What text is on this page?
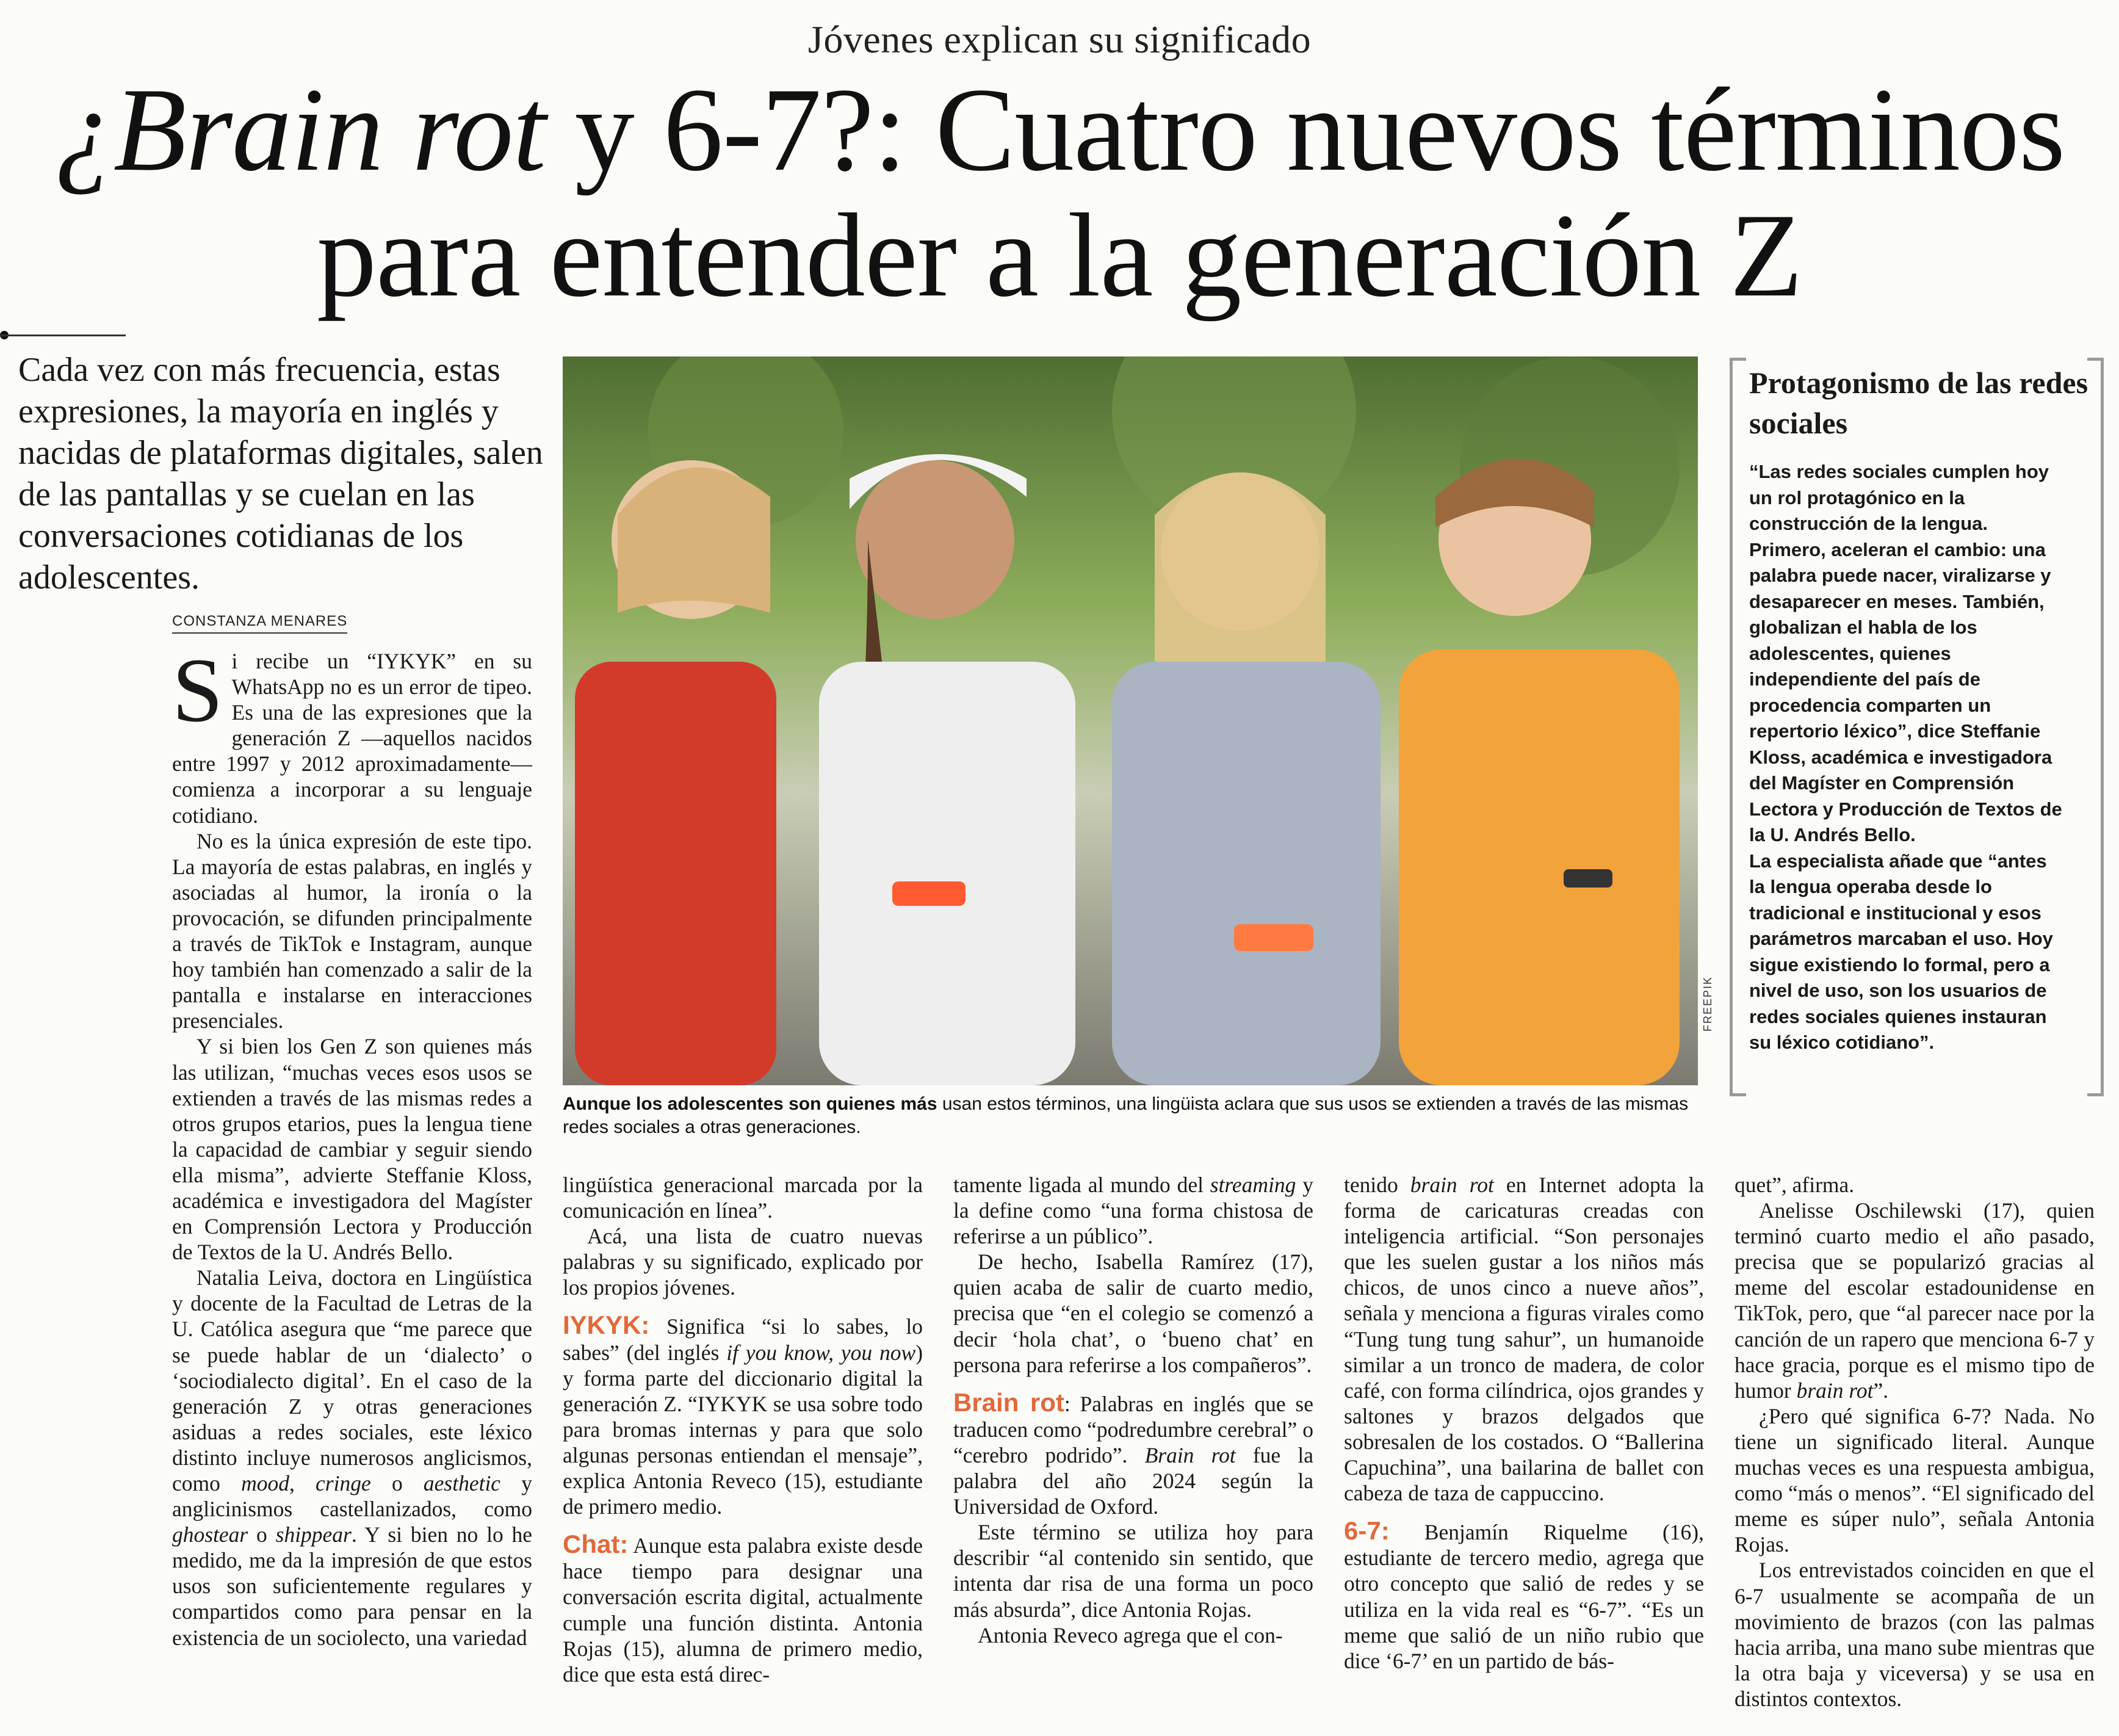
Jóvenes explican su significado
¿Brain rot y 6-7?: Cuatro nuevos términos
para entender a la generación Z

Cada vez con más frecuencia, estas expresiones, la mayoría en inglés y nacidas de plataformas digitales, salen de las pantallas y se cuelan en las conversaciones cotidianas de los adolescentes.

CONSTANZA MENARES

Si recibe un “IYKYK” en su WhatsApp no es un error de tipeo. Es una de las expresiones que la generación Z —aquellos nacidos entre 1997 y 2012 aproximadamente— comienza a incorporar a su lenguaje cotidiano.

No es la única expresión de este tipo. La mayoría de estas palabras, en inglés y asociadas al humor, la ironía o la provocación, se difunden principalmente a través de TikTok e Instagram, aunque hoy también han comenzado a salir de la pantalla e instalarse en interacciones presenciales.

Y si bien los Gen Z son quienes más las utilizan, “muchas veces esos usos se extienden a través de las mismas redes a otros grupos etarios, pues la lengua tiene la capacidad de cambiar y seguir siendo ella misma”, advierte Steffanie Kloss, académica e investigadora del Magíster en Comprensión Lectora y Producción de Textos de la U. Andrés Bello.

Natalia Leiva, doctora en Lingüística y docente de la Facultad de Letras de la U. Católica asegura que “me parece que se puede hablar de un ‘dialecto’ o ‘sociodialecto digital’. En el caso de la generación Z y otras generaciones asiduas a redes sociales, este léxico distinto incluye numerosos anglicismos, como mood, cringe o aesthetic y anglicinismos castellanizados, como ghostear o shippear. Y si bien no lo he medido, me da la impresión de que estos usos son suficientemente regulares y compartidos como para pensar en la existencia de un sociolecto, una variedad

FREEPIK
Aunque los adolescentes son quienes más usan estos términos, una lingüista aclara que sus usos se extienden a través de las mismas redes sociales a otras generaciones.
Protagonismo de las redes sociales

“Las redes sociales cumplen hoy un rol protagónico en la construcción de la lengua. Primero, aceleran el cambio: una palabra puede nacer, viralizarse y desaparecer en meses. También, globalizan el habla de los adolescentes, quienes independiente del país de procedencia comparten un repertorio léxico”, dice Steffanie Kloss, académica e investigadora del Magíster en Comprensión Lectora y Producción de Textos de la U. Andrés Bello.

La especialista añade que “antes la lengua operaba desde lo tradicional e institucional y esos parámetros marcaban el uso. Hoy sigue existiendo lo formal, pero a nivel de uso, son los usuarios de redes sociales quienes instauran su léxico cotidiano”.

lingüística generacional marcada por la comunicación en línea”.

Acá, una lista de cuatro nuevas palabras y su significado, explicado por los propios jóvenes.

IYKYK: Significa “si lo sabes, lo sabes” (del inglés if you know, you now) y forma parte del diccionario digital la generación Z. “IYKYK se usa sobre todo para bromas internas y para que solo algunas personas entiendan el mensaje”, explica Antonia Reveco (15), estudiante de primero medio.

Chat: Aunque esta palabra existe desde hace tiempo para designar una conversación escrita digital, actualmente cumple una función distinta. Antonia Rojas (15), alumna de primero medio, dice que esta está direc-

tamente ligada al mundo del streaming y la define como “una forma chistosa de referirse a un público”.

De hecho, Isabella Ramírez (17), quien acaba de salir de cuarto medio, precisa que “en el colegio se comenzó a decir ‘hola chat’, o ‘bueno chat’ en persona para referirse a los compañeros”.

Brain rot: Palabras en inglés que se traducen como “podredumbre cerebral” o “cerebro podrido”. Brain rot fue la palabra del año 2024 según la Universidad de Oxford.

Este término se utiliza hoy para describir “al contenido sin sentido, que intenta dar risa de una forma un poco más absurda”, dice Antonia Rojas.

Antonia Reveco agrega que el con-

tenido brain rot en Internet adopta la forma de caricaturas creadas con inteligencia artificial. “Son personajes que les suelen gustar a los niños más chicos, de unos cinco a nueve años”, señala y menciona a figuras virales como “Tung tung tung sahur”, un humanoide similar a un tronco de madera, de color café, con forma cilíndrica, ojos grandes y saltones y brazos delgados que sobresalen de los costados. O “Ballerina Capuchina”, una bailarina de ballet con cabeza de taza de cappuccino.

6-7: Benjamín Riquelme (16), estudiante de tercero medio, agrega que otro concepto que salió de redes y se utiliza en la vida real es “6-7”. “Es un meme que salió de un niño rubio que dice ‘6-7’ en un partido de bás-

quet”, afirma.

Anelisse Oschilewski (17), quien terminó cuarto medio el año pasado, precisa que se popularizó gracias al meme del escolar estadounidense en TikTok, pero, que “al parecer nace por la canción de un rapero que menciona 6-7 y hace gracia, porque es el mismo tipo de humor brain rot”.

¿Pero qué significa 6-7? Nada. No tiene un significado literal. Aunque muchas veces es una respuesta ambigua, como “más o menos”. “El significado del meme es súper nulo”, señala Antonia Rojas.

Los entrevistados coinciden en que el 6-7 usualmente se acompaña de un movimiento de brazos (con las palmas hacia arriba, una mano sube mientras que la otra baja y viceversa) y se usa en distintos contextos.
